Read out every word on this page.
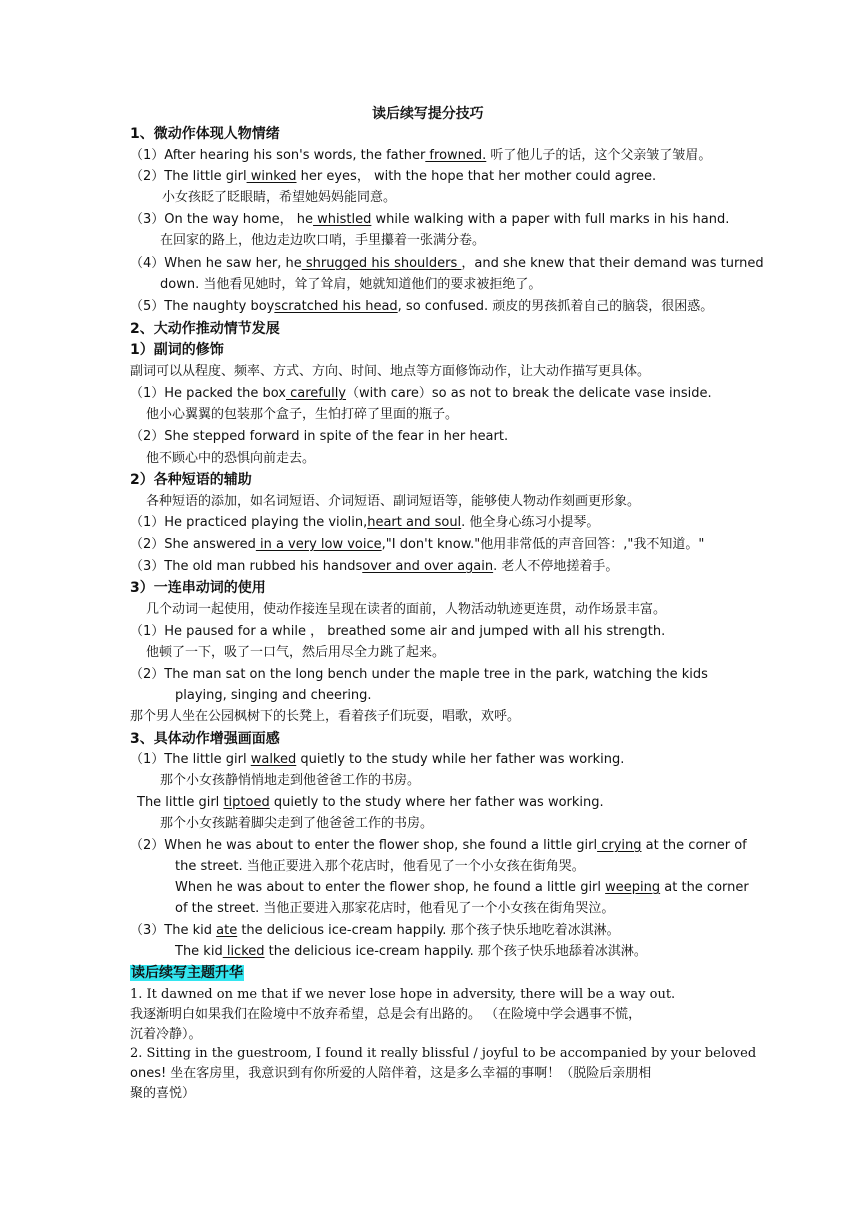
读后续写提分技巧
1、微动作体现人物情绪
（1）After hearing his son's words, the father frowned. 听了他儿子的话，这个父亲皱了皱眉。
（2）The little girl winked her eyes， with the hope that her mother could agree.
小女孩眨了眨眼睛，希望她妈妈能同意。
（3）On the way home， he whistled while walking with a paper with full marks in his hand.
在回家的路上，他边走边吹口哨，手里攥着一张满分卷。
（4）When he saw her, he shrugged his shoulders ，and she knew that their demand was turned
down. 当他看见她时，耸了耸肩，她就知道他们的要求被拒绝了。
（5）The naughty boyscratched his head, so confused. 顽皮的男孩抓着自己的脑袋，很困惑。
2、大动作推动情节发展
1）副词的修饰
副词可以从程度、频率、方式、方向、时间、地点等方面修饰动作，让大动作描写更具体。
（1）He packed the box carefully（with care）so as not to break the delicate vase inside.
他小心翼翼的包装那个盒子，生怕打碎了里面的瓶子。
（2）She stepped forward in spite of the fear in her heart.
他不顾心中的恐惧向前走去。
2）各种短语的辅助
各种短语的添加，如名词短语、介词短语、副词短语等，能够使人物动作刻画更形象。
（1）He practiced playing the violin,heart and soul. 他全身心练习小提琴。
（2）She answered in a very low voice,"I don't know."他用非常低的声音回答：,"我不知道。"
（3）The old man rubbed his handsover and over again. 老人不停地搓着手。
3）一连串动词的使用
几个动词一起使用，使动作接连呈现在读者的面前，人物活动轨迹更连贯，动作场景丰富。
（1）He paused for a while ， breathed some air and jumped with all his strength.
他顿了一下，吸了一口气，然后用尽全力跳了起来。
（2）The man sat on the long bench under the maple tree in the park, watching the kids
playing, singing and cheering.
那个男人坐在公园枫树下的长凳上，看着孩子们玩耍，唱歌，欢呼。
3、具体动作增强画面感
（1）The little girl walked quietly to the study while her father was working.
那个小女孩静悄悄地走到他爸爸工作的书房。
The little girl tiptoed quietly to the study where her father was working.
那个小女孩踮着脚尖走到了他爸爸工作的书房。
（2）When he was about to enter the flower shop, she found a little girl crying at the corner of
the street. 当他正要进入那个花店时，他看见了一个小女孩在街角哭。
When he was about to enter the flower shop, he found a little girl weeping at the corner
of the street. 当他正要进入那家花店时，他看见了一个小女孩在街角哭泣。
（3）The kid ate the delicious ice-cream happily. 那个孩子快乐地吃着冰淇淋。
The kid licked the delicious ice-cream happily. 那个孩子快乐地舔着冰淇淋。
读后续写主题升华
1. It dawned on me that if we never lose hope in adversity, there will be a way out.
我逐渐明白如果我们在险境中不放弃希望，总是会有出路的。 （在险境中学会遇事不慌，
沉着冷静）。
2. Sitting in the guestroom, I found it really blissful / joyful to be accompanied by your beloved
ones! 坐在客房里，我意识到有你所爱的人陪伴着，这是多么幸福的事啊！（脱险后亲朋相
聚的喜悦）
